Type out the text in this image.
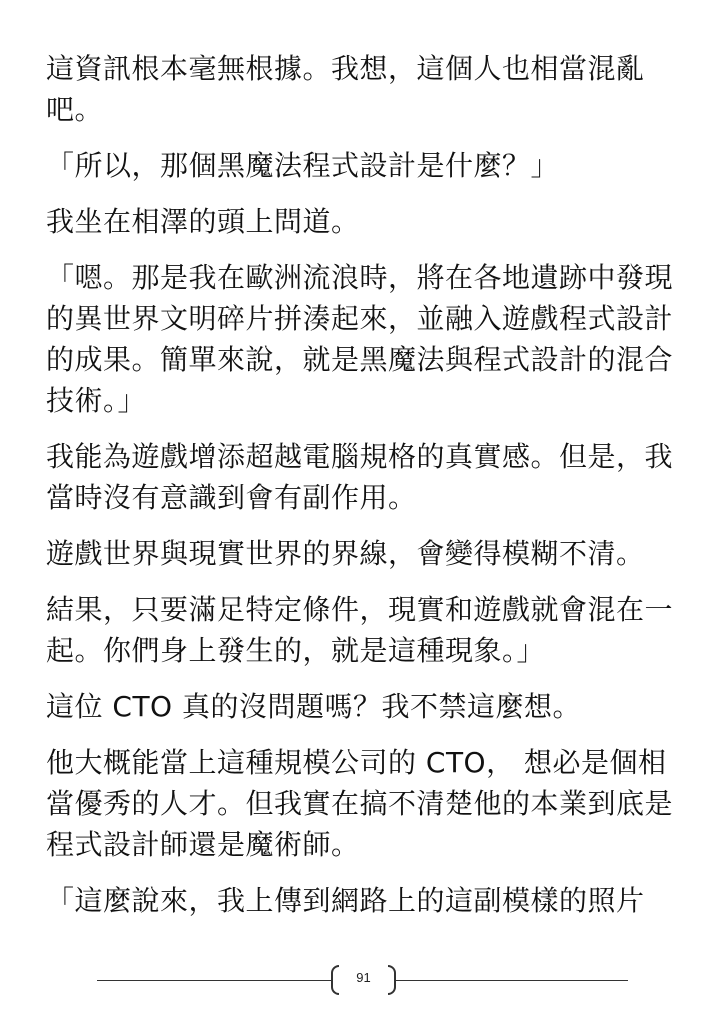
這資訊根本毫無根據。我想，這個人也相當混亂吧。

「所以，那個黑魔法程式設計是什麼？」

我坐在相澤的頭上問道。

「嗯。那是我在歐洲流浪時，將在各地遺跡中發現的異世界文明碎片拼湊起來，並融入遊戲程式設計的成果。簡單來說，就是黑魔法與程式設計的混合技術。」

我能為遊戲增添超越電腦規格的真實感。但是，我當時沒有意識到會有副作用。

遊戲世界與現實世界的界線，會變得模糊不清。

結果，只要滿足特定條件，現實和遊戲就會混在一起。你們身上發生的，就是這種現象。」

這位 CTO 真的沒問題嗎？我不禁這麼想。

他大概能當上這種規模公司的 CTO， 想必是個相當優秀的人才。但我實在搞不清楚他的本業到底是程式設計師還是魔術師。

「這麼說來，我上傳到網路上的這副模樣的照片

91
